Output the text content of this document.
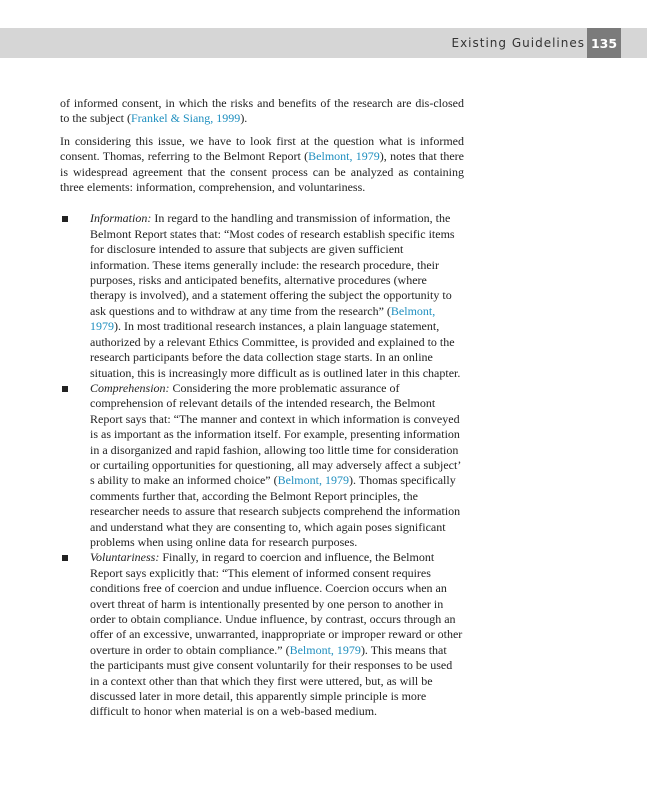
Existing Guidelines 135

of informed consent, in which the risks and benefits of the research are dis-closed to the subject (Frankel & Siang, 1999).

In considering this issue, we have to look first at the question what is informed consent. Thomas, referring to the Belmont Report (Belmont, 1979), notes that there is widespread agreement that the consent process can be analyzed as containing three elements: information, comprehension, and voluntariness.

Information: In regard to the handling and transmission of information, the Belmont Report states that: “Most codes of research establish specific items for disclosure intended to assure that subjects are given sufficient information. These items generally include: the research procedure, their purposes, risks and anticipated benefits, alternative procedures (where therapy is involved), and a statement offering the subject the opportunity to ask questions and to withdraw at any time from the research” (Belmont, 1979). In most traditional research instances, a plain language statement, authorized by a relevant Ethics Committee, is provided and explained to the research participants before the data collection stage starts. In an online situation, this is increasingly more difficult as is outlined later in this chapter.
Comprehension: Considering the more problematic assurance of comprehension of relevant details of the intended research, the Belmont Report says that: “The manner and context in which information is conveyed is as important as the information itself. For example, presenting information in a disorganized and rapid fashion, allowing too little time for consideration or curtailing opportunities for questioning, all may adversely affect a subject’ s ability to make an informed choice” (Belmont, 1979). Thomas specifically comments further that, according the Belmont Report principles, the researcher needs to assure that research subjects comprehend the information and understand what they are consenting to, which again poses significant problems when using online data for research purposes.
Voluntariness: Finally, in regard to coercion and influence, the Belmont Report says explicitly that: “This element of informed consent requires conditions free of coercion and undue influence. Coercion occurs when an overt threat of harm is intentionally presented by one person to another in order to obtain compliance. Undue influence, by contrast, occurs through an offer of an excessive, unwarranted, inappropriate or improper reward or other overture in order to obtain compliance.” (Belmont, 1979). This means that the participants must give consent voluntarily for their responses to be used in a context other than that which they first were uttered, but, as will be discussed later in more detail, this apparently simple principle is more difficult to honor when material is on a web-based medium.
